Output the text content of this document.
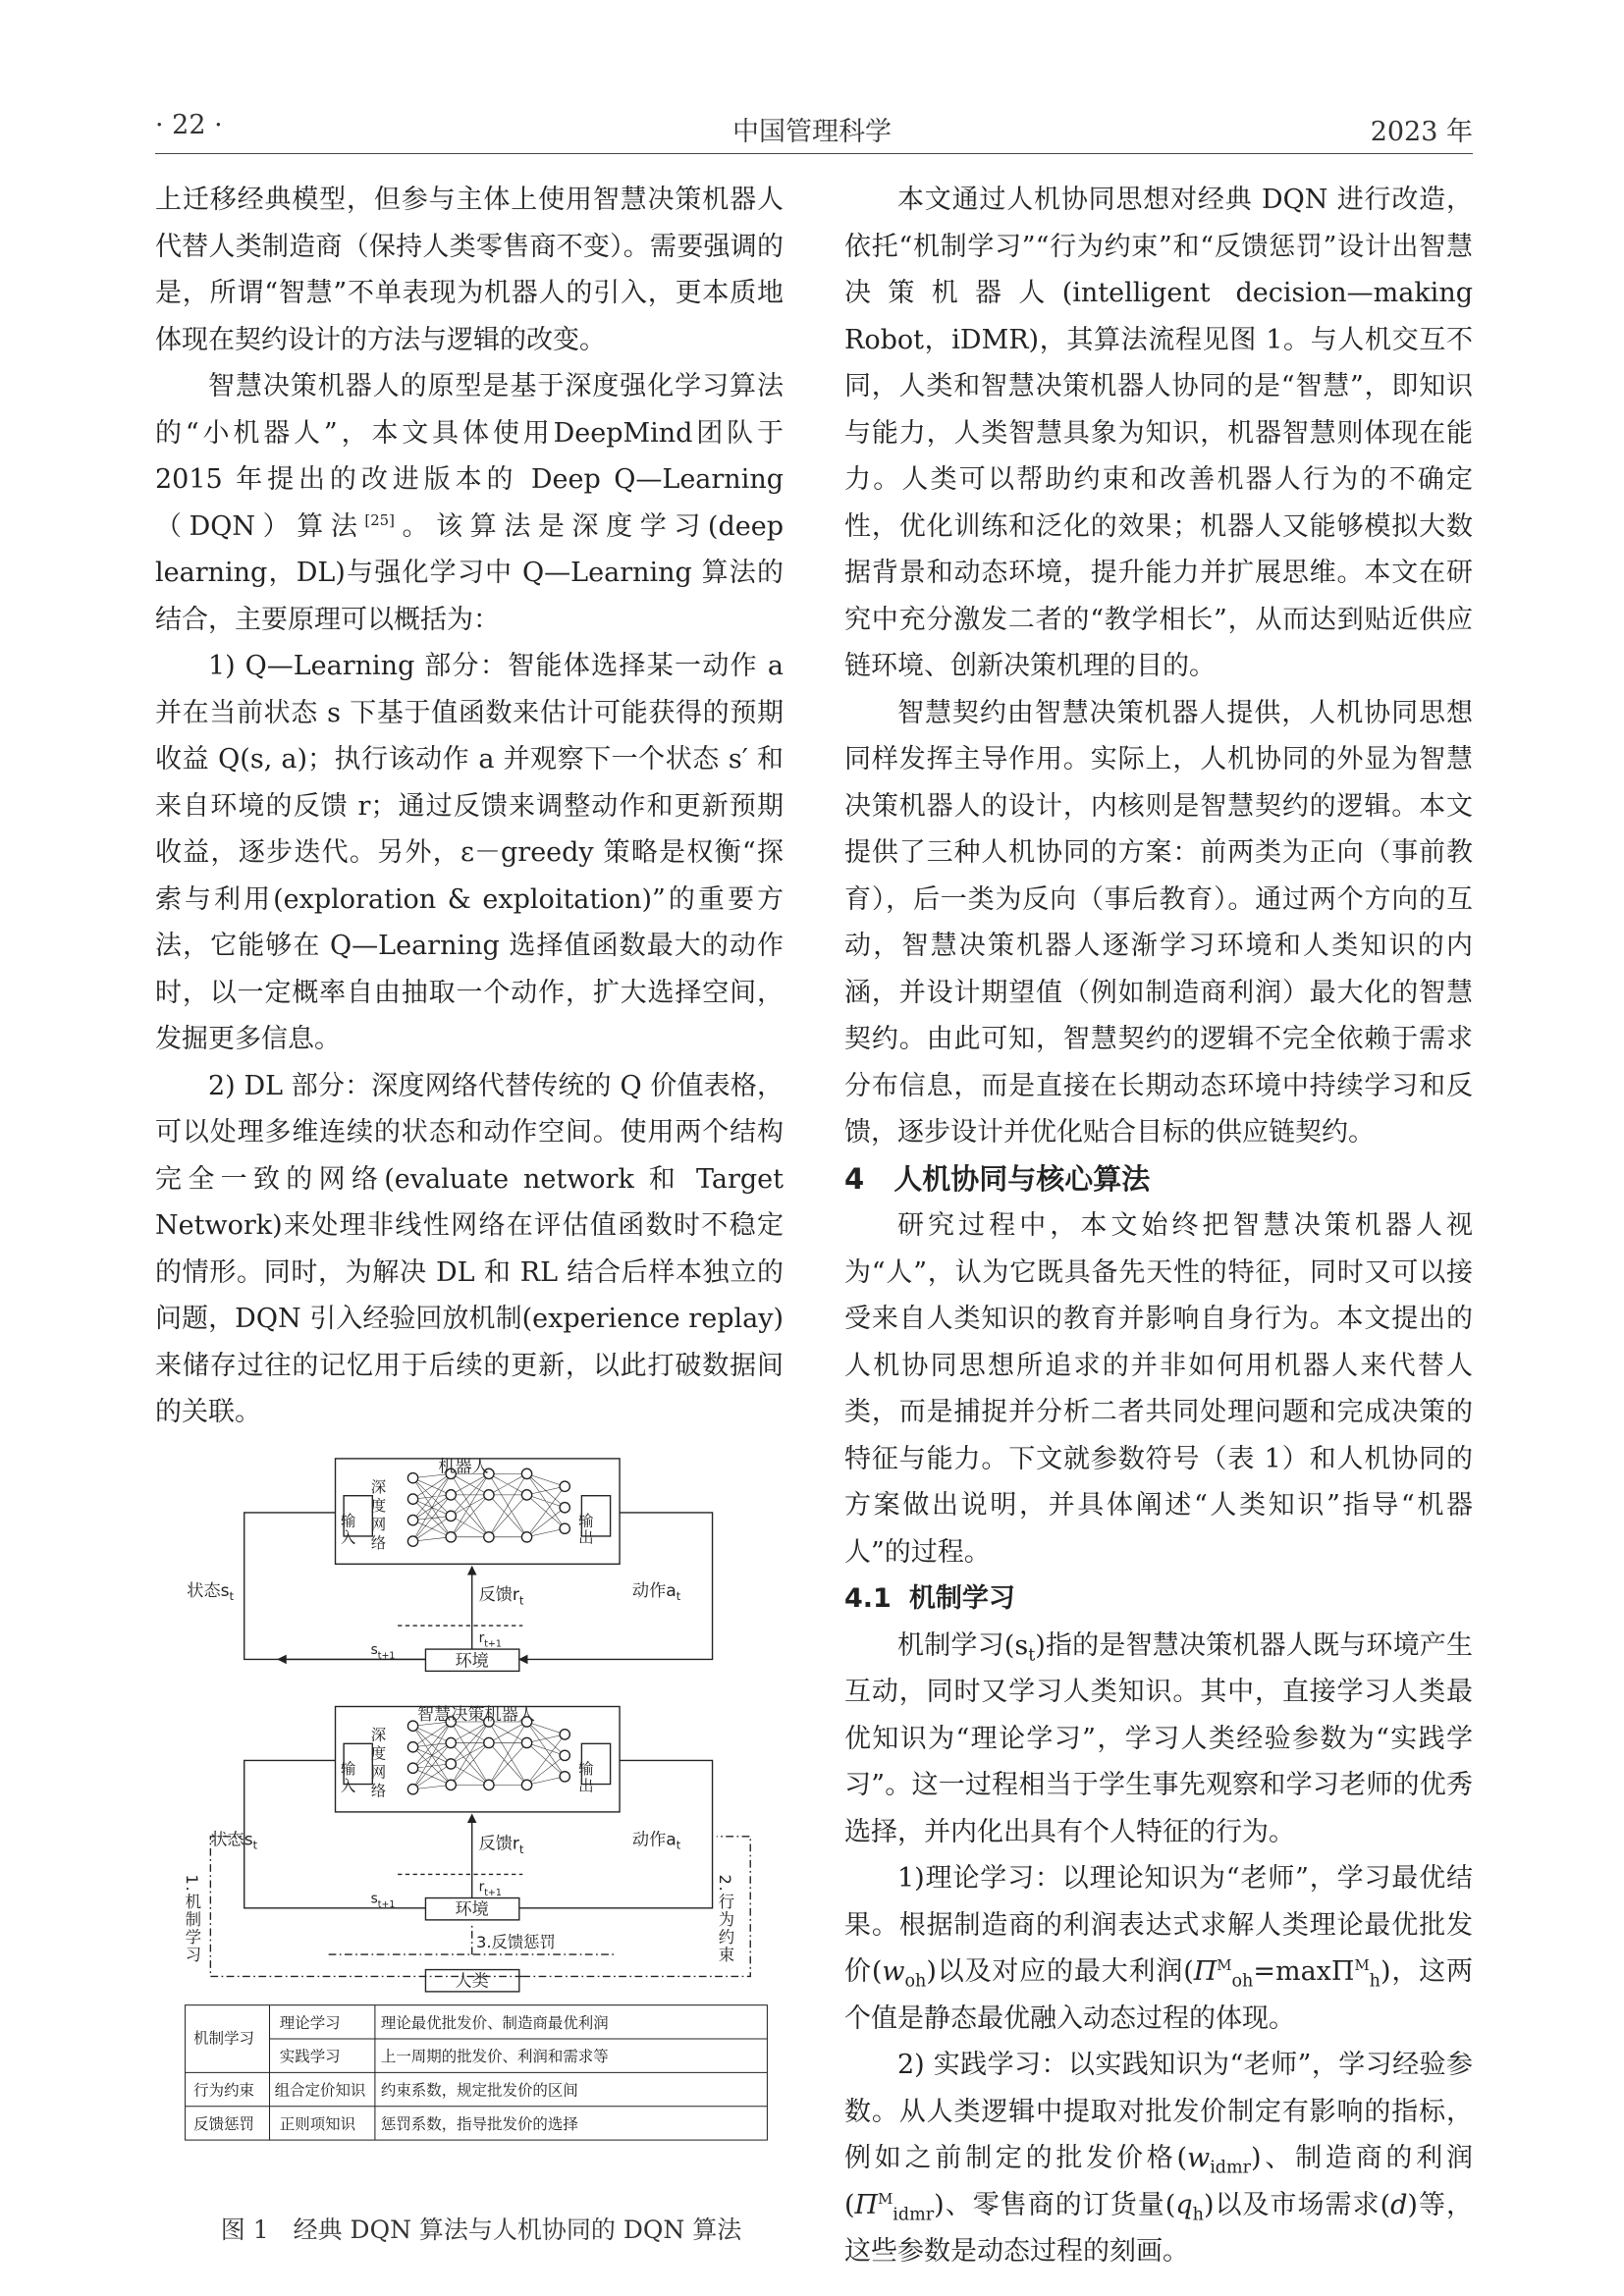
· 22 ·	中国管理科学	2023 年

上迁移经典模型，但参与主体上使用智慧决策机器人代替人类制造商（保持人类零售商不变）。需要强调的是，所谓“智慧”不单表现为机器人的引入，更本质地体现在契约设计的方法与逻辑的改变。

智慧决策机器人的原型是基于深度强化学习算法的“小机器人”，本文具体使用DeepMind团队于 2015 年提出的改进版本的 Deep Q—Learning（DQN）算法[25]。该算法是深度学习(deep learning，DL)与强化学习中 Q—Learning 算法的结合，主要原理可以概括为：

1) Q—Learning 部分：智能体选择某一动作 a 并在当前状态 s 下基于值函数来估计可能获得的预期收益 Q(s, a)；执行该动作 a 并观察下一个状态 s′ 和来自环境的反馈 r；通过反馈来调整动作和更新预期收益，逐步迭代。另外，ε－greedy 策略是权衡“探索与利用(exploration & exploitation)”的重要方法，它能够在 Q—Learning 选择值函数最大的动作时，以一定概率自由抽取一个动作，扩大选择空间，发掘更多信息。

2) DL 部分：深度网络代替传统的 Q 价值表格，可以处理多维连续的状态和动作空间。使用两个结构完全一致的网络(evaluate network 和 Target Network)来处理非线性网络在评估值函数时不稳定的情形。同时，为解决 DL 和 RL 结合后样本独立的问题，DQN 引入经验回放机制(experience replay)来储存过往的记忆用于后续的更新，以此打破数据间的关联。

机器人
输入	输出
深度网络
状态$s_t$	动作$a_t$
反馈$r_t$
$r_{t+1}$
$s_{t+1}$	环境
智慧决策机器人
输入	输出
深度网络
状态$s_t$	动作$a_t$
反馈$r_t$
$r_{t+1}$
$s_{t+1}$	环境
1.机制学习	2.行为约束
3.反馈惩罚
人类
机制学习
理论学习 理论最优批发价、制造商最优利润
实践学习 上一周期的批发价、利润和需求等
行为约束 组合定价知识 约束系数，规定批发价的区间
反馈惩罚 正则项知识 惩罚系数，指导批发价的选择
图 1　经典 DQN 算法与人机协同的 DQN 算法

本文通过人机协同思想对经典 DQN 进行改造，依托“机制学习”“行为约束”和“反馈惩罚”设计出智慧决策机器人(intelligent decision—making Robot，iDMR)，其算法流程见图 1。与人机交互不同，人类和智慧决策机器人协同的是“智慧”，即知识与能力，人类智慧具象为知识，机器智慧则体现在能力。人类可以帮助约束和改善机器人行为的不确定性，优化训练和泛化的效果；机器人又能够模拟大数据背景和动态环境，提升能力并扩展思维。本文在研究中充分激发二者的“教学相长”，从而达到贴近供应链环境、创新决策机理的目的。

智慧契约由智慧决策机器人提供，人机协同思想同样发挥主导作用。实际上，人机协同的外显为智慧决策机器人的设计，内核则是智慧契约的逻辑。本文提供了三种人机协同的方案：前两类为正向（事前教育），后一类为反向（事后教育）。通过两个方向的互动，智慧决策机器人逐渐学习环境和人类知识的内涵，并设计期望值（例如制造商利润）最大化的智慧契约。由此可知，智慧契约的逻辑不完全依赖于需求分布信息，而是直接在长期动态环境中持续学习和反馈，逐步设计并优化贴合目标的供应链契约。

4 人机协同与核心算法

研究过程中，本文始终把智慧决策机器人视为“人”，认为它既具备先天性的特征，同时又可以接受来自人类知识的教育并影响自身行为。本文提出的人机协同思想所追求的并非如何用机器人来代替人类，而是捕捉并分析二者共同处理问题和完成决策的特征与能力。下文就参数符号（表 1）和人机协同的方案做出说明，并具体阐述“人类知识”指导“机器人”的过程。

4.1 机制学习

机制学习$(s_t)$指的是智慧决策机器人既与环境产生互动，同时又学习人类知识。其中，直接学习人类最优知识为“理论学习”，学习人类经验参数为“实践学习”。这一过程相当于学生事先观察和学习老师的优秀选择，并内化出具有个人特征的行为。

1)理论学习：以理论知识为“老师”，学习最优结果。根据制造商的利润表达式求解人类理论最优批发价$(w_{oh})$以及对应的最大利润$(\Pi^M_{oh}=\max\Pi^M_h)$，这两个值是静态最优融入动态过程的体现。

2) 实践学习：以实践知识为“老师”，学习经验参数。从人类逻辑中提取对批发价制定有影响的指标，例如之前制定的批发价格$(w_{idmr})$、制造商的利润$(\Pi^M_{idmr})$、零售商的订货量$(q_h)$以及市场需求(d)等，这些参数是动态过程的刻画。
